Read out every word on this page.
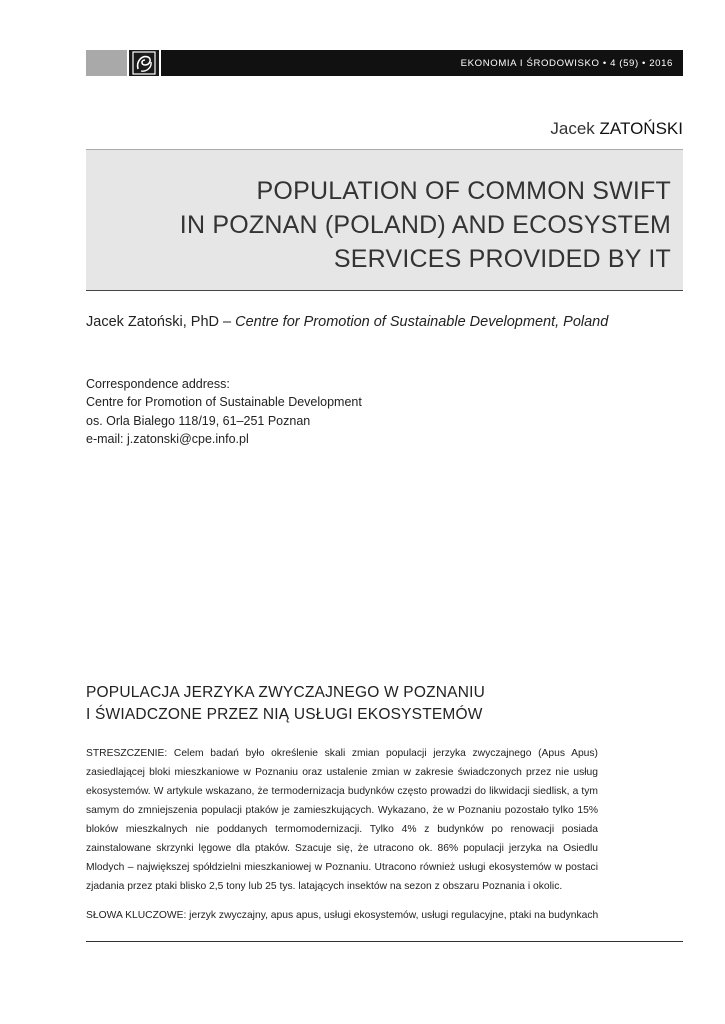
EKONOMIA I ŚRODOWISKO • 4 (59) • 2016
Jacek ZATOŃSKI
POPULATION OF COMMON SWIFT
IN POZNAN (POLAND) AND ECOSYSTEM
SERVICES PROVIDED BY IT
Jacek Zatoński, PhD – Centre for Promotion of Sustainable Development, Poland
Correspondence address:
Centre for Promotion of Sustainable Development
os. Orla Bialego 118/19, 61–251 Poznan
e-mail: j.zatonski@cpe.info.pl
POPULACJA JERZYKA ZWYCZAJNEGO W POZNANIU
I ŚWIADCZONE PRZEZ NIĄ USŁUGI EKOSYSTEMÓW
STRESZCZENIE: Celem badań było określenie skali zmian populacji jerzyka zwyczajnego (Apus Apus) zasiedlającej bloki mieszkaniowe w Poznaniu oraz ustalenie zmian w zakresie świadczonych przez nie usług ekosystemów. W artykule wskazano, że termodernizacja budynków często prowadzi do likwidacji siedlisk, a tym samym do zmniejszenia populacji ptaków je zamieszkujących. Wykazano, że w Poznaniu pozostało tylko 15% bloków mieszkalnych nie poddanych termomodernizacji. Tylko 4% z budynków po renowacji posiada zainstalowane skrzynki lęgowe dla ptaków. Szacuje się, że utracono ok. 86% populacji jerzyka na Osiedlu Mlodych – największej spółdzielni mieszkaniowej w Poznaniu. Utracono również usługi ekosystemów w postaci zjadania przez ptaki blisko 2,5 tony lub 25 tys. latających insektów na sezon z obszaru Poznania i okolic.
SŁOWA KLUCZOWE: jerzyk zwyczajny, apus apus, usługi ekosystemów, usługi regulacyjne, ptaki na budynkach
